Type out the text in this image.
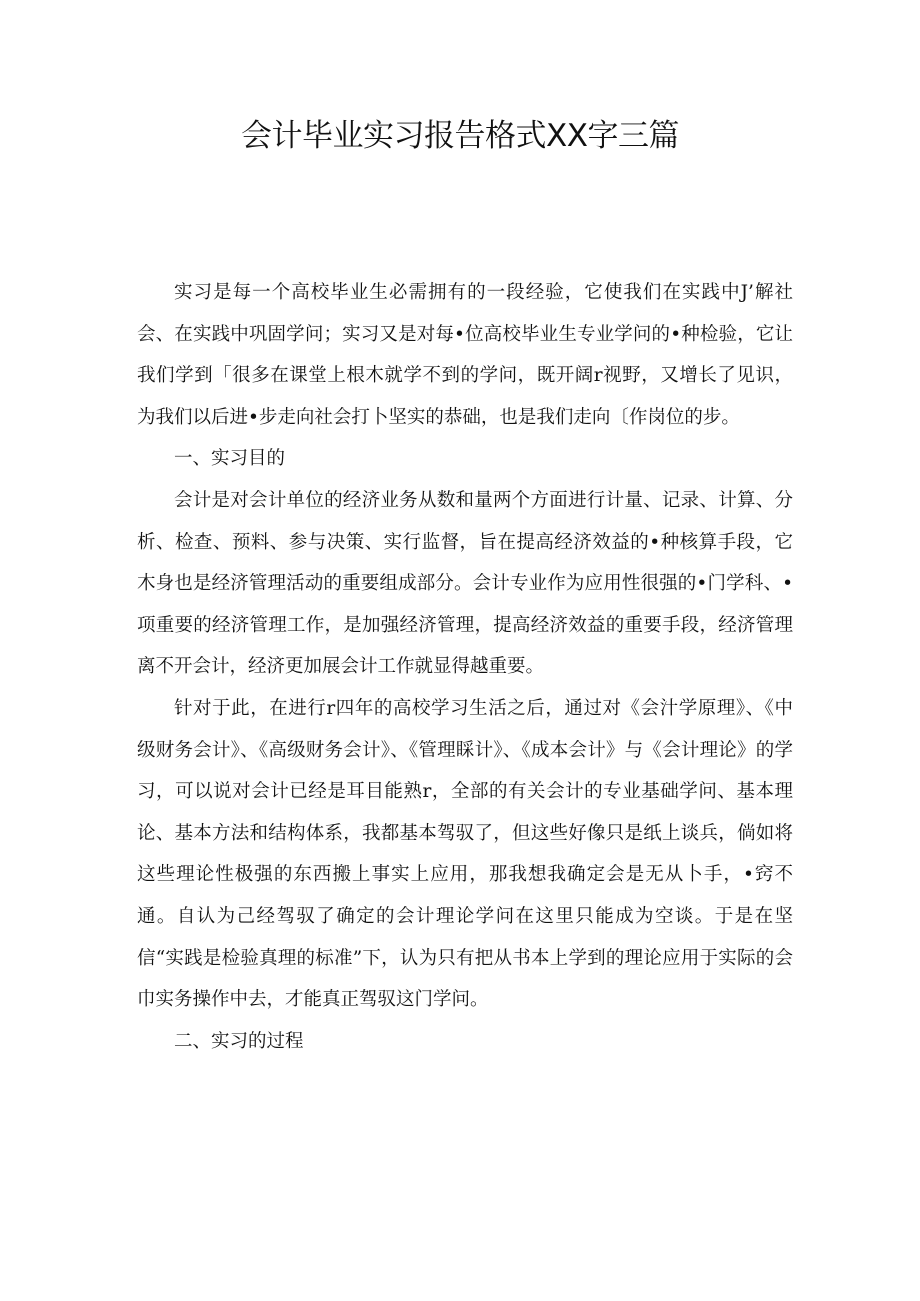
会计毕业实习报告格式XX字三篇

实习是每一个高校毕业生必需拥有的一段经验，它使我们在实践中J’解社会、在实践中巩固学问；实习又是对每•位高校毕业生专业学问的•种检验，它让我们学到「很多在课堂上根木就学不到的学问，既开阔r视野，又增长了见识，为我们以后进•步走向社会打卜坚实的恭础，也是我们走向〔作岗位的步。

一、实习目的

会计是对会计单位的经济业务从数和量两个方面进行计量、记录、计算、分析、检查、预料、参与决策、实行监督，旨在提高经济效益的•种核算手段，它木身也是经济管理活动的重要组成部分。会计专业作为应用性很强的•门学科、•项重要的经济管理工作，是加强经济管理，提高经济效益的重要手段，经济管理离不开会计，经济更加展会计工作就显得越重要。

针对于此，在进行r四年的高校学习生活之后，通过对《会汁学原理》、《中级财务会计》、《高级财务会计》、《管理睬计》、《成本会计》与《会计理论》的学习，可以说对会计已经是耳目能熟r，全部的有关会计的专业基础学问、基本理论、基本方法和结构体系，我都基本驾驭了，但这些好像只是纸上谈兵，倘如将这些理论性极强的东西搬上事实上应用，那我想我确定会是无从卜手，•窍不通。自认为己经驾驭了确定的会计理论学问在这里只能成为空谈。于是在坚信“实践是检验真理的标准”下，认为只有把从书本上学到的理论应用于实际的会巾实务操作中去，才能真正驾驭这门学问。

二、实习的过程
